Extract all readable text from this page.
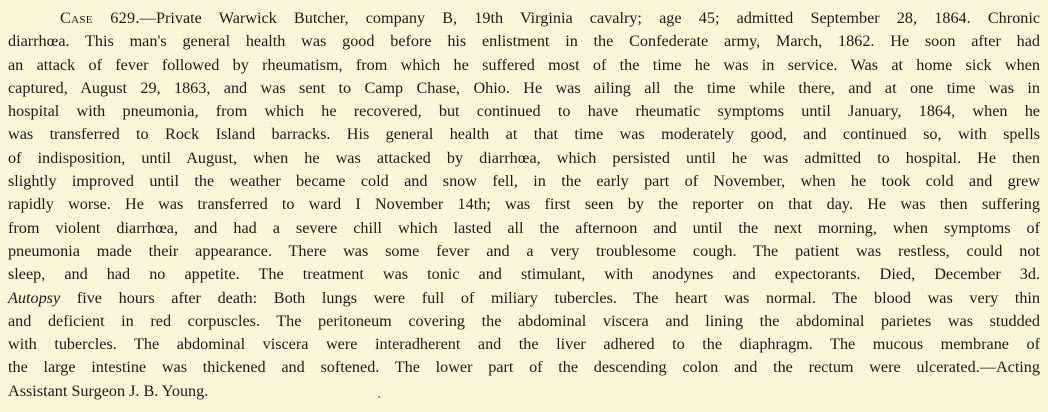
Case 629.—Private Warwick Butcher, company B, 19th Virginia cavalry; age 45; admitted September 28, 1864. Chronic
diarrhœa. This man's general health was good before his enlistment in the Confederate army, March, 1862. He soon after had
an attack of fever followed by rheumatism, from which he suffered most of the time he was in service. Was at home sick when
captured, August 29, 1863, and was sent to Camp Chase, Ohio. He was ailing all the time while there, and at one time was in
hospital with pneumonia, from which he recovered, but continued to have rheumatic symptoms until January, 1864, when he
was transferred to Rock Island barracks. His general health at that time was moderately good, and continued so, with spells
of indisposition, until August, when he was attacked by diarrhœa, which persisted until he was admitted to hospital. He then
slightly improved until the weather became cold and snow fell, in the early part of November, when he took cold and grew
rapidly worse. He was transferred to ward I November 14th; was first seen by the reporter on that day. He was then suffering
from violent diarrhœa, and had a severe chill which lasted all the afternoon and until the next morning, when symptoms of
pneumonia made their appearance. There was some fever and a very troublesome cough. The patient was restless, could not
sleep, and had no appetite. The treatment was tonic and stimulant, with anodynes and expectorants. Died, December 3d.
Autopsy five hours after death: Both lungs were full of miliary tubercles. The heart was normal. The blood was very thin
and deficient in red corpuscles. The peritoneum covering the abdominal viscera and lining the abdominal parietes was studded
with tubercles. The abdominal viscera were interadherent and the liver adhered to the diaphragm. The mucous membrane of
the large intestine was thickened and softened. The lower part of the descending colon and the rectum were ulcerated.—Acting
Assistant Surgeon J. B. Young.
